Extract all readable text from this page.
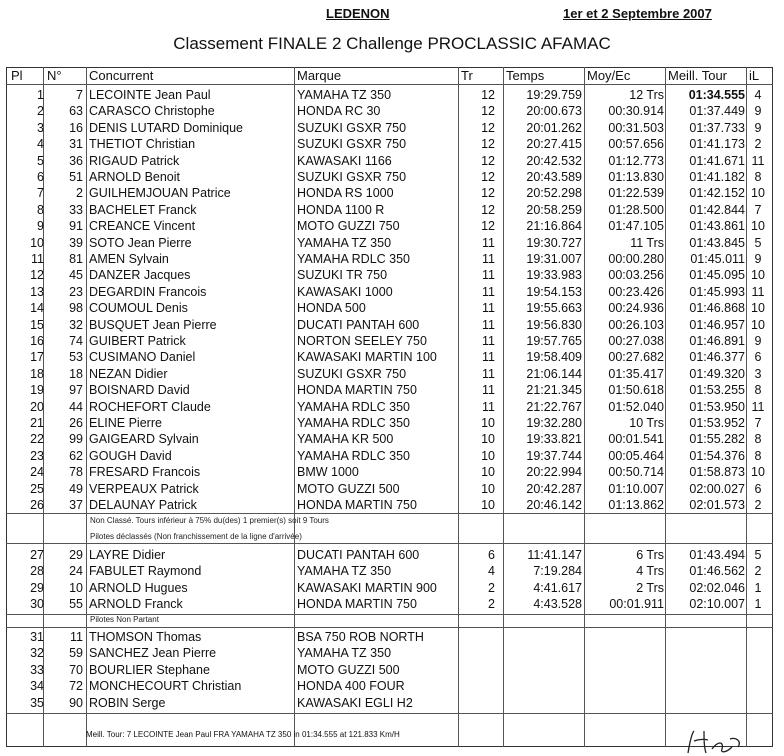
LEDENON	1er et 2 Septembre 2007
Classement FINALE 2 Challenge PROCLASSIC AFAMAC
Pl N° Concurrent	Marque	Tr	Temps	Moy/Ec	Meill. Tour iL
1	7 LECOINTE Jean Paul	YAMAHA TZ 350	12	19:29.759	12 Trs	01:34.555 4
2	63 CARASCO Christophe	HONDA RC 30	12	20:00.673	00:30.914	01:37.449 9
3	16 DENIS LUTARD Dominique	SUZUKI GSXR 750	12	20:01.262	00:31.503	01:37.733 9
4	31 THETIOT Christian	SUZUKI GSXR 750	12	20:27.415	00:57.656	01:41.173 2
5	36 RIGAUD Patrick	KAWASAKI 1166	12	20:42.532	01:12.773	01:41.671 11
6	51 ARNOLD Benoit	SUZUKI GSXR 750	12	20:43.589	01:13.830	01:41.182 8
7	2 GUILHEMJOUAN Patrice	HONDA RS 1000	12	20:52.298	01:22.539	01:42.152 10
8	33 BACHELET Franck	HONDA 1100 R	12	20:58.259	01:28.500	01:42.844 7
9	91 CREANCE Vincent	MOTO GUZZI 750	12	21:16.864	01:47.105	01:43.861 10
10	39 SOTO Jean Pierre	YAMAHA TZ 350	11	19:30.727	11 Trs	01:43.845 5
11	81 AMEN Sylvain	YAMAHA RDLC 350	11	19:31.007	00:00.280	01:45.011 9
12	45 DANZER Jacques	SUZUKI TR 750	11	19:33.983	00:03.256	01:45.095 10
13	23 DEGARDIN Francois	KAWASAKI 1000	11	19:54.153	00:23.426	01:45.993 11
14	98 COUMOUL Denis	HONDA 500	11	19:55.663	00:24.936	01:46.868 10
15	32 BUSQUET Jean Pierre	DUCATI PANTAH 600	11	19:56.830	00:26.103	01:46.957 10
16	74 GUIBERT Patrick	NORTON SEELEY 750	11	19:57.765	00:27.038	01:46.891 9
17	53 CUSIMANO Daniel	KAWASAKI MARTIN 100	11	19:58.409	00:27.682	01:46.377 6
18	18 NEZAN Didier	SUZUKI GSXR 750	11	21:06.144	01:35.417	01:49.320 3
19	97 BOISNARD David	HONDA MARTIN 750	11	21:21.345	01:50.618	01:53.255 8
20	44 ROCHEFORT Claude	YAMAHA RDLC 350	11	21:22.767	01:52.040	01:53.950 11
21	26 ELINE Pierre	YAMAHA RDLC 350	10	19:32.280	10 Trs	01:53.952 7
22	99 GAIGEARD Sylvain	YAMAHA KR 500	10	19:33.821	00:01.541	01:55.282 8
23	62 GOUGH David	YAMAHA RDLC 350	10	19:37.744	00:05.464	01:54.376 8
24	78 FRESARD Francois	BMW 1000	10	20:22.994	00:50.714	01:58.873 10
25	49 VERPEAUX Patrick	MOTO GUZZI 500	10	20:42.287	01:10.007	02:00.027 6
26	37 DELAUNAY Patrick	HONDA MARTIN 750	10	20:46.142	01:13.862	02:01.573 2
Non Classé. Tours inférieur à 75% du(des) 1 premier(s) soit 9 Tours
Pilotes déclassés (Non franchissement de la ligne d'arrivée)
27	29 LAYRE Didier	DUCATI PANTAH 600	6	11:41.147	6 Trs	01:43.494 5
28	24 FABULET Raymond	YAMAHA TZ 350	4	7:19.284	4 Trs	01:46.562 2
29	10 ARNOLD Hugues	KAWASAKI MARTIN 900	2	4:41.617	2 Trs	02:02.046 1
30	55 ARNOLD Franck	HONDA MARTIN 750	2	4:43.528	00:01.911	02:10.007 1
Pilotes Non Partant
31	11 THOMSON Thomas	BSA 750 ROB NORTH
32	59 SANCHEZ Jean Pierre	YAMAHA TZ 350
33	70 BOURLIER Stephane	MOTO GUZZI 500
34	72 MONCHECOURT Christian	HONDA 400 FOUR
35	90 ROBIN Serge	KAWASAKI EGLI H2
Meill. Tour: 7 LECOINTE Jean Paul FRA YAMAHA TZ 350 in 01:34.555 at 121.833 Km/H
